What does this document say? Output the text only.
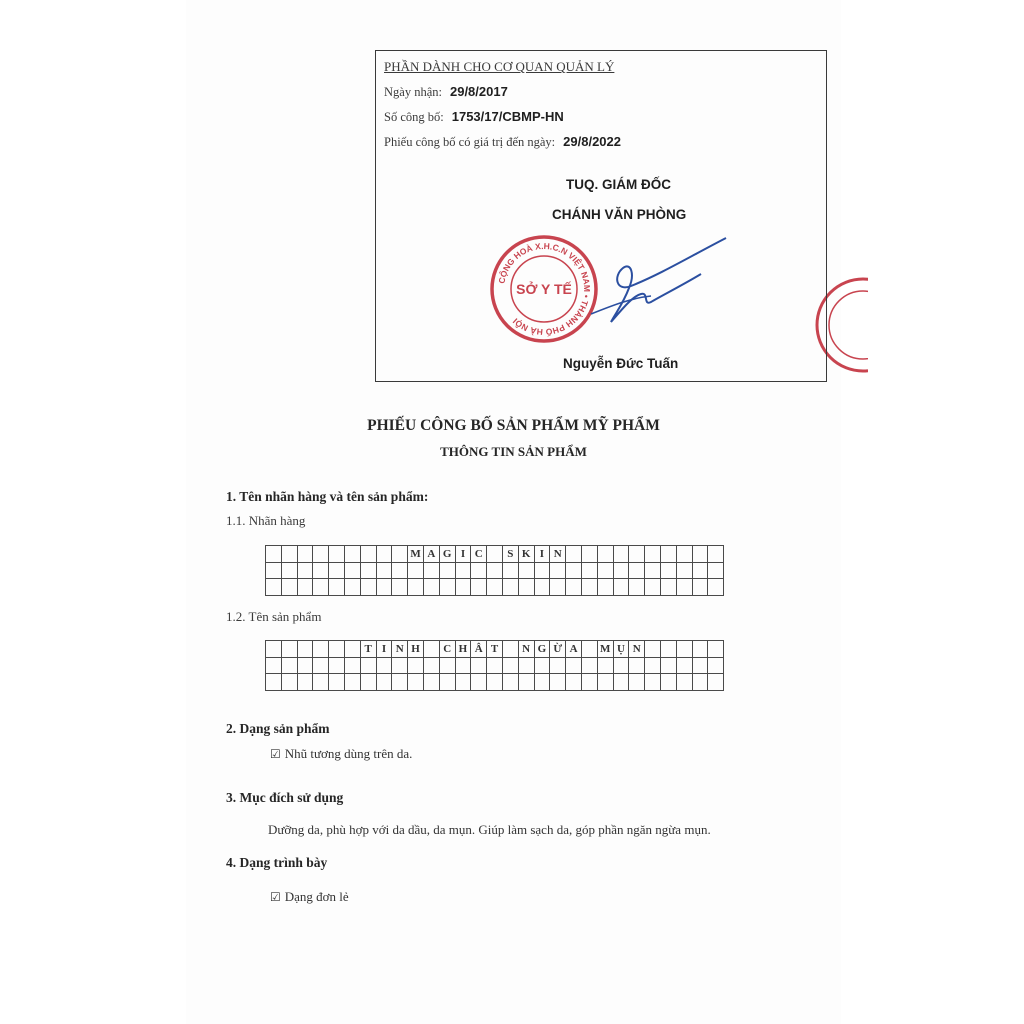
PHẦN DÀNH CHO CƠ QUAN QUẢN LÝ
Ngày nhận: 29/8/2017
Số công bố: 1753/17/CBMP-HN
Phiếu công bố có giá trị đến ngày: 29/8/2022
TUQ. GIÁM ĐỐC
CHÁNH VĂN PHÒNG
CỘNG HOÀ X.H.C.N VIỆT NAM • THÀNH PHỐ HÀ NỘI
SỞ Y TẾ
Nguyễn Đức Tuấn
PHIẾU CÔNG BỐ SẢN PHẨM MỸ PHẨM
THÔNG TIN SẢN PHẨM
1. Tên nhãn hàng và tên sản phẩm:
1.1. Nhãn hàng
									M	A	G	I	C		S	K	I	N										

1.2. Tên sản phẩm
						T	I	N	H		C	H	Â	T		N	G	Ừ	A		M	Ụ	N					

2. Dạng sản phẩm
☑ Nhũ tương dùng trên da.
3. Mục đích sử dụng
Dưỡng da, phù hợp với da dầu, da mụn. Giúp làm sạch da, góp phần ngăn ngừa mụn.
4. Dạng trình bày
☑ Dạng đơn lẻ
